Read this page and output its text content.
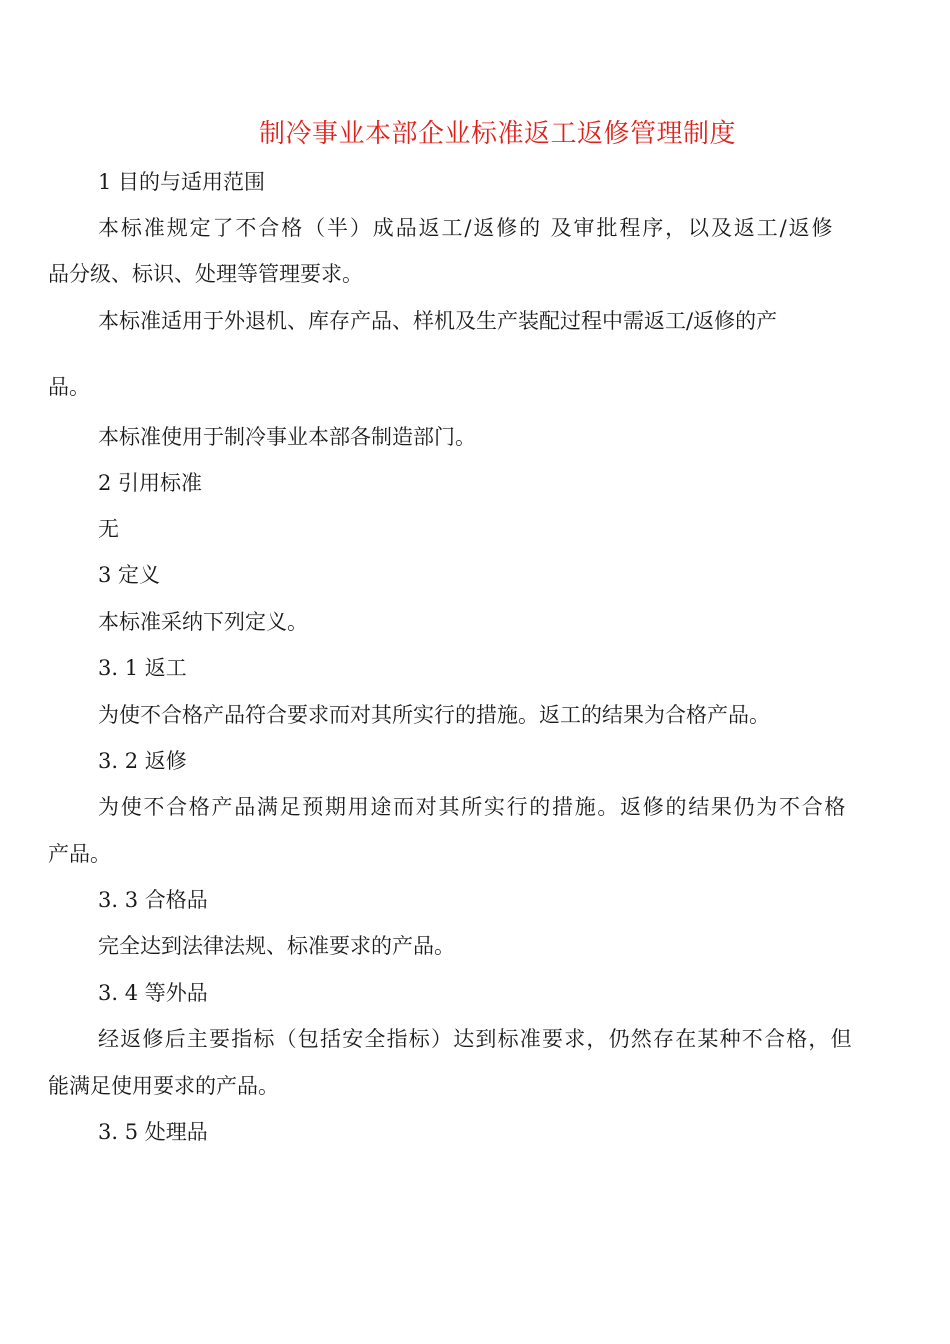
制冷事业本部企业标准返工返修管理制度
1 目的与适用范围
本标准规定了不合格（半）成品返工/返修的 及审批程序，以及返工/返修
品分级、标识、处理等管理要求。
本标准适用于外退机、库存产品、样机及生产装配过程中需返工/返修的产
品。
本标准使用于制冷事业本部各制造部门。
2 引用标准
无
3 定义
本标准采纳下列定义。
3. 1 返工
为使不合格产品符合要求而对其所实行的措施。返工的结果为合格产品。
3. 2 返修
为使不合格产品满足预期用途而对其所实行的措施。返修的结果仍为不合格
产品。
3. 3 合格品
完全达到法律法规、标准要求的产品。
3. 4 等外品
经返修后主要指标（包括安全指标）达到标准要求，仍然存在某种不合格，但
能满足使用要求的产品。
3. 5 处理品
